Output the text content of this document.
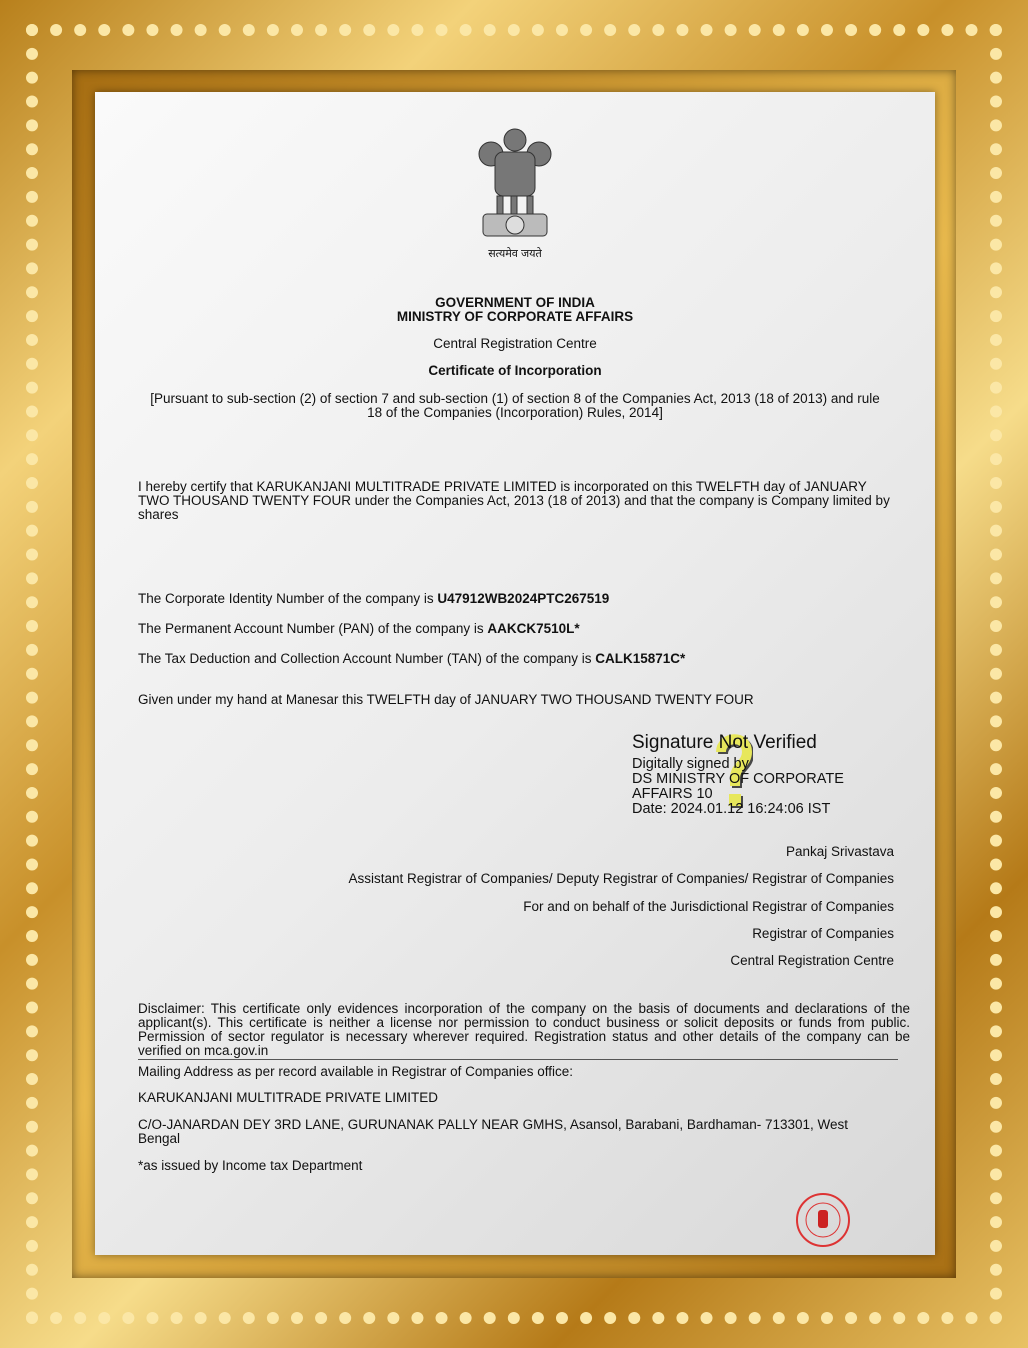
सत्यमेव जयते
GOVERNMENT OF INDIA
MINISTRY OF CORPORATE AFFAIRS
Central Registration Centre
Certificate of Incorporation
[Pursuant to sub-section (2) of section 7 and sub-section (1) of section 8 of the Companies Act, 2013 (18 of 2013) and rule
18 of the Companies (Incorporation) Rules, 2014]
I hereby certify that KARUKANJANI MULTITRADE PRIVATE LIMITED is incorporated on this TWELFTH day of JANUARY TWO THOUSAND TWENTY FOUR under the Companies Act, 2013 (18 of 2013) and that the company is Company limited by shares
The Corporate Identity Number of the company is U47912WB2024PTC267519
The Permanent Account Number (PAN) of the company is AAKCK7510L*
The Tax Deduction and Collection Account Number (TAN) of the company is CALK15871C*
Given under my hand at Manesar this TWELFTH day of JANUARY TWO THOUSAND TWENTY FOUR
Signature Not Verified
Digitally signed by
DS MINISTRY OF CORPORATE
AFFAIRS 10
Date: 2024.01.12 16:24:06 IST
Pankaj Srivastava
Assistant Registrar of Companies/ Deputy Registrar of Companies/ Registrar of Companies
For and on behalf of the Jurisdictional Registrar of Companies
Registrar of Companies
Central Registration Centre
Disclaimer: This certificate only evidences incorporation of the company on the basis of documents and declarations of the applicant(s). This certificate is neither a license nor permission to conduct business or solicit deposits or funds from public. Permission of sector regulator is necessary wherever required. Registration status and other details of the company can be verified on mca.gov.in
Mailing Address as per record available in Registrar of Companies office:
KARUKANJANI MULTITRADE PRIVATE LIMITED
C/O-JANARDAN DEY 3RD LANE, GURUNANAK PALLY NEAR GMHS, Asansol, Barabani, Bardhaman- 713301, West Bengal
*as issued by Income tax Department
